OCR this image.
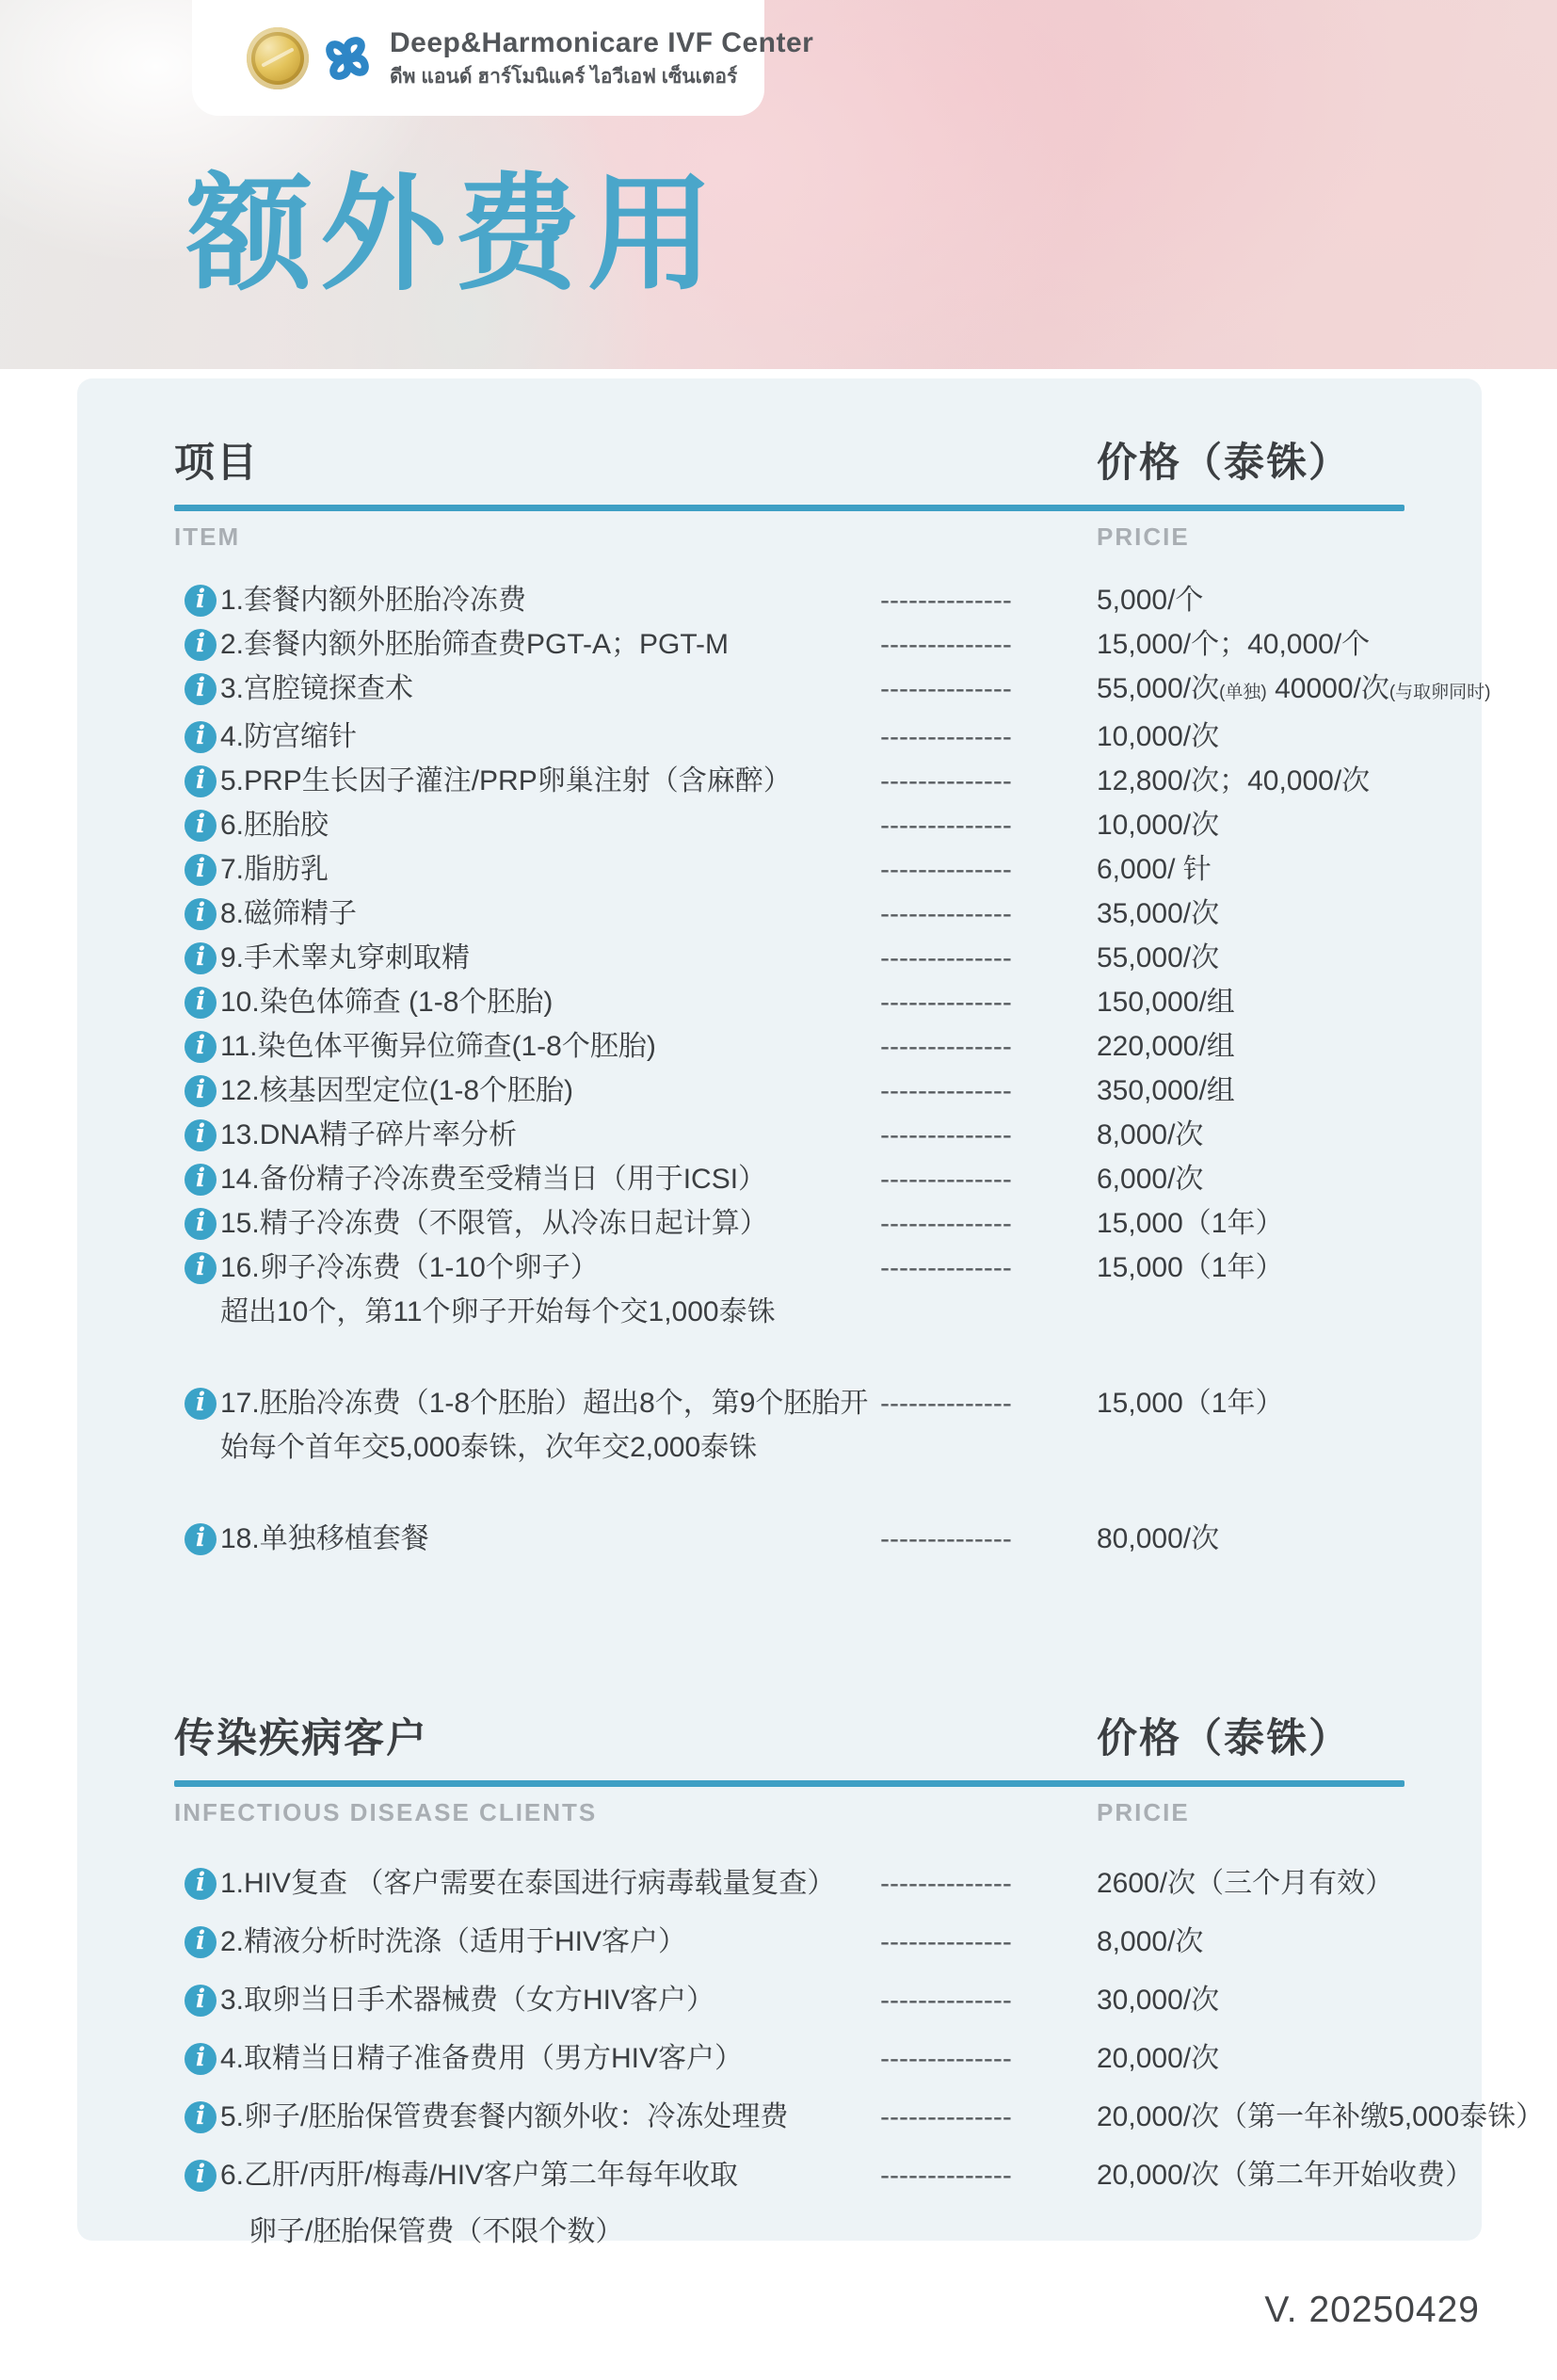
Deep&Harmonicare IVF Center
ดีพ แอนด์ ฮาร์โมนิแคร์ ไอวีเอฟ เซ็นเตอร์
额外费用
项目	价格（泰铢）
ITEM	PRICIE
i 1.套餐内额外胚胎冷冻费	--------------	5,000/个
i 2.套餐内额外胚胎筛查费PGT-A；PGT-M	--------------	15,000/个；40,000/个
i 3.宫腔镜探查术	--------------	55,000/次(单独) 40000/次(与取卵同时)
i 4.防宫缩针	--------------	10,000/次
i 5.PRP生长因子灌注/PRP卵巢注射（含麻醉）	--------------	12,800/次；40,000/次
i 6.胚胎胶	--------------	10,000/次
i 7.脂肪乳	--------------	6,000/ 针
i 8.磁筛精子	--------------	35,000/次
i 9.手术睾丸穿刺取精	--------------	55,000/次
i 10.染色体筛查 (1-8个胚胎)	--------------	150,000/组
i 11.染色体平衡异位筛查(1-8个胚胎)	--------------	220,000/组
i 12.核基因型定位(1-8个胚胎)	--------------	350,000/组
i 13.DNA精子碎片率分析	--------------	8,000/次
i 14.备份精子冷冻费至受精当日（用于ICSI）	--------------	6,000/次
i 15.精子冷冻费（不限管，从冷冻日起计算）	--------------	15,000（1年）
i 16.卵子冷冻费（1-10个卵子）
超出10个，第11个卵子开始每个交1,000泰铢
--------------	15,000（1年）
i 17.胚胎冷冻费（1-8个胚胎）超出8个，第9个胚胎开
始每个首年交5,000泰铢，次年交2,000泰铢
--------------	15,000（1年）
i 18.单独移植套餐	--------------	80,000/次
传染疾病客户	价格（泰铢）
INFECTIOUS DISEASE CLIENTS	PRICIE
i 1.HIV复查 （客户需要在泰国进行病毒载量复查）	--------------	2600/次（三个月有效）
i 2.精液分析时洗涤（适用于HIV客户）	--------------	8,000/次
i 3.取卵当日手术器械费（女方HIV客户）	--------------	30,000/次
i 4.取精当日精子准备费用（男方HIV客户）	--------------	20,000/次
i 5.卵子/胚胎保管费套餐内额外收：冷冻处理费	--------------	20,000/次（第一年补缴5,000泰铢）
i 6.乙肝/丙肝/梅毒/HIV客户第二年每年收取
卵子/胚胎保管费（不限个数）
--------------	20,000/次（第二年开始收费）
V. 20250429
